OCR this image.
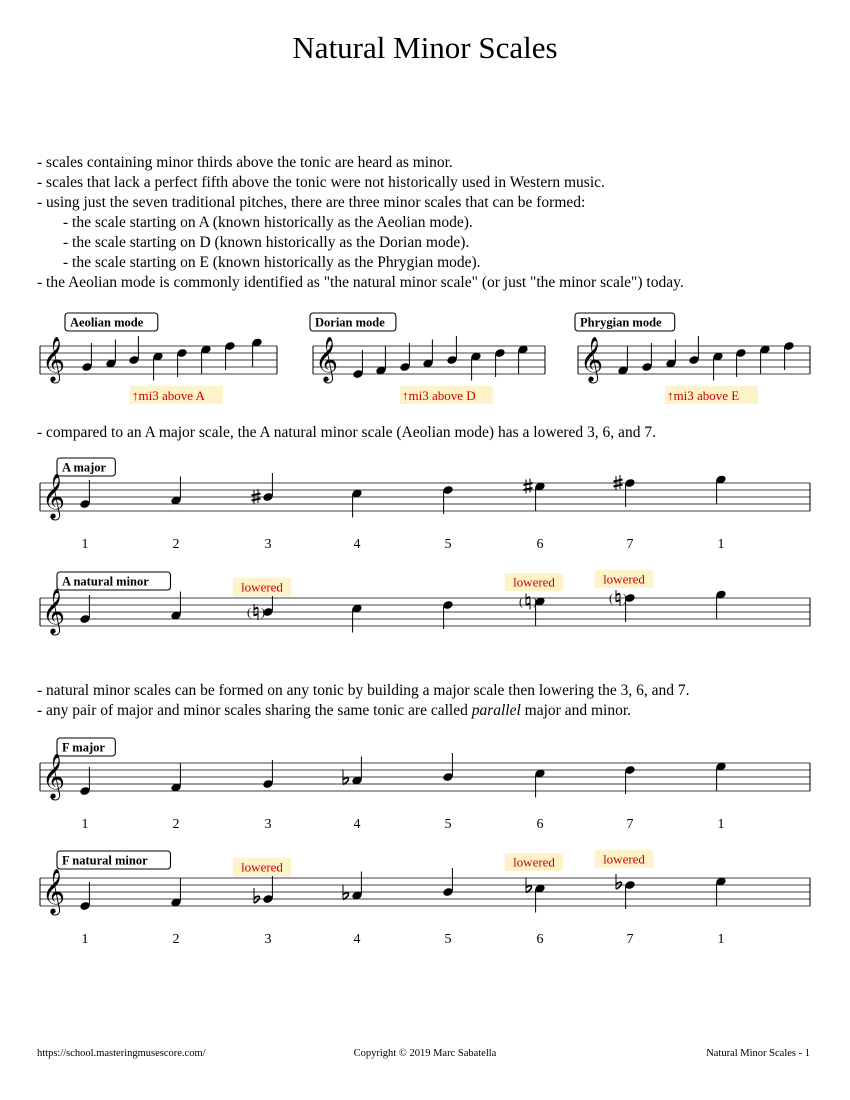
Natural Minor Scales
- scales containing minor thirds above the tonic are heard as minor.
- scales that lack a perfect fifth above the tonic were not historically used in Western music.
- using just the seven traditional pitches, there are three minor scales that can be formed:
- the scale starting on A (known historically as the Aeolian mode).
- the scale starting on D (known historically as the Dorian mode).
- the scale starting on E (known historically as the Phrygian mode).
- the Aeolian mode is commonly identified as "the natural minor scale" (or just "the minor scale") today.
- compared to an A major scale, the A natural minor scale (Aeolian mode) has a lowered 3, 6, and 7.
- natural minor scales can be formed on any tonic by building a major scale then lowering the 3, 6, and 7.
- any pair of major and minor scales sharing the same tonic are called parallel major and minor.
Aeolian mode
𝄞
↑mi3 above A
Dorian mode
𝄞
↑mi3 above D
Phrygian mode
𝄞
↑mi3 above E
A major
𝄞
1	2	3	4	5	6	7	1
A natural minor
𝄞	( )
lowered
( )
lowered
( )
lowered
F major
𝄞
1	2	3	4	5	6	7	1
F natural minor
𝄞
lowered	lowered	lowered
1	2	3	4	5	6	7	1
https://school.masteringmusescore.com/	Copyright © 2019 Marc Sabatella	Natural Minor Scales - 1
